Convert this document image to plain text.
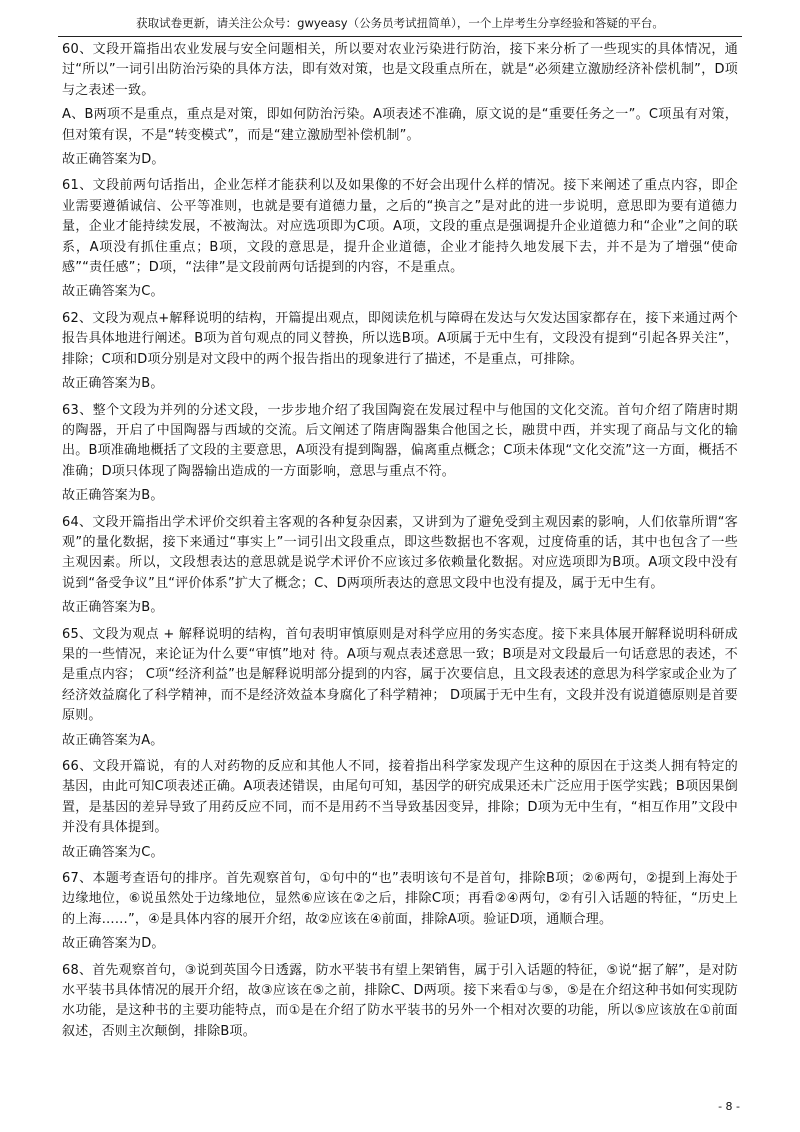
获取试卷更新，请关注公众号：gwyeasy（公务员考试扭简单），一个上岸考生分享经验和答疑的平台。

60、文段开篇指出农业发展与安全问题相关，所以要对农业污染进行防治，接下来分析了一些现实的具体情况，通过“所以”一词引出防治污染的具体方法，即有效对策，也是文段重点所在，就是“必须建立激励经济补偿机制”，D项与之表述一致。

A、B两项不是重点，重点是对策，即如何防治污染。A项表述不准确，原文说的是“重要任务之一”。C项虽有对策，但对策有误，不是“转变模式”，而是“建立激励型补偿机制”。

故正确答案为D。

61、文段前两句话指出，企业怎样才能获利以及如果像的不好会出现什么样的情况。接下来阐述了重点内容，即企业需要遵循诚信、公平等准则，也就是要有道德力量，之后的“换言之”是对此的进一步说明，意思即为要有道德力量，企业才能持续发展，不被淘汰。对应选项即为C项。A项，文段的重点是强调提升企业道德力和“企业”之间的联系，A项没有抓住重点；B项，文段的意思是，提升企业道德，企业才能持久地发展下去，并不是为了增强“使命感”“责任感”；D项，“法律”是文段前两句话提到的内容，不是重点。

故正确答案为C。

62、文段为观点+解释说明的结构，开篇提出观点，即阅读危机与障碍在发达与欠发达国家都存在，接下来通过两个报告具体地进行阐述。B项为首句观点的同义替换，所以选B项。A项属于无中生有，文段没有提到“引起各界关注”，排除；C项和D项分别是对文段中的两个报告指出的现象进行了描述，不是重点，可排除。

故正确答案为B。

63、整个文段为并列的分述文段，一步步地介绍了我国陶瓷在发展过程中与他国的文化交流。首句介绍了隋唐时期的陶器，开启了中国陶器与西域的交流。后文阐述了隋唐陶器集合他国之长，融贯中西，并实现了商品与文化的输出。B项准确地概括了文段的主要意思，A项没有提到陶器，偏离重点概念；C项未体现“文化交流”这一方面，概括不准确；D项只体现了陶器输出造成的一方面影响，意思与重点不符。

故正确答案为B。

64、文段开篇指出学术评价交织着主客观的各种复杂因素，又讲到为了避免受到主观因素的影响，人们依靠所谓“客观”的量化数据，接下来通过“事实上”一词引出文段重点，即这些数据也不客观，过度倚重的话，其中也包含了一些主观因素。所以，文段想表达的意思就是说学术评价不应该过多依赖量化数据。对应选项即为B项。A项文段中没有说到“备受争议”且“评价体系”扩大了概念；C、D两项所表达的意思文段中也没有提及，属于无中生有。

故正确答案为B。

65、文段为观点 + 解释说明的结构，首句表明审慎原则是对科学应用的务实态度。接下来具体展开解释说明科研成果的一些情况，来论证为什么要“审慎”地对 待。A项与观点表述意思一致；B项是对文段最后一句话意思的表述，不是重点内容； C项“经济利益”也是解释说明部分提到的内容，属于次要信息，且文段表述的意思为科学家或企业为了经济效益腐化了科学精神，而不是经济效益本身腐化了科学精神； D项属于无中生有，文段并没有说道德原则是首要原则。

故正确答案为A。

66、文段开篇说，有的人对药物的反应和其他人不同，接着指出科学家发现产生这种的原因在于这类人拥有特定的基因，由此可知C项表述正确。A项表述错误，由尾句可知，基因学的研究成果还未广泛应用于医学实践；B项因果倒置，是基因的差异导致了用药反应不同，而不是用药不当导致基因变异，排除；D项为无中生有，“相互作用”文段中并没有具体提到。

故正确答案为C。

67、本题考查语句的排序。首先观察首句，①句中的“也”表明该句不是首句，排除B项；②⑥两句，②提到上海处于边缘地位，⑥说虽然处于边缘地位，显然⑥应该在②之后，排除C项；再看②④两句，②有引入话题的特征，“历史上的上海……”，④是具体内容的展开介绍，故②应该在④前面，排除A项。验证D项，通顺合理。

故正确答案为D。

68、首先观察首句，③说到英国今日透露，防水平装书有望上架销售，属于引入话题的特征，⑤说“据了解”，是对防水平装书具体情况的展开介绍，故③应该在⑤之前，排除C、D两项。接下来看①与⑤，⑤是在介绍这种书如何实现防水功能，是这种书的主要功能特点，而①是在介绍了防水平装书的另外一个相对次要的功能，所以⑤应该放在①前面叙述，否则主次颠倒，排除B项。

- 8 -
